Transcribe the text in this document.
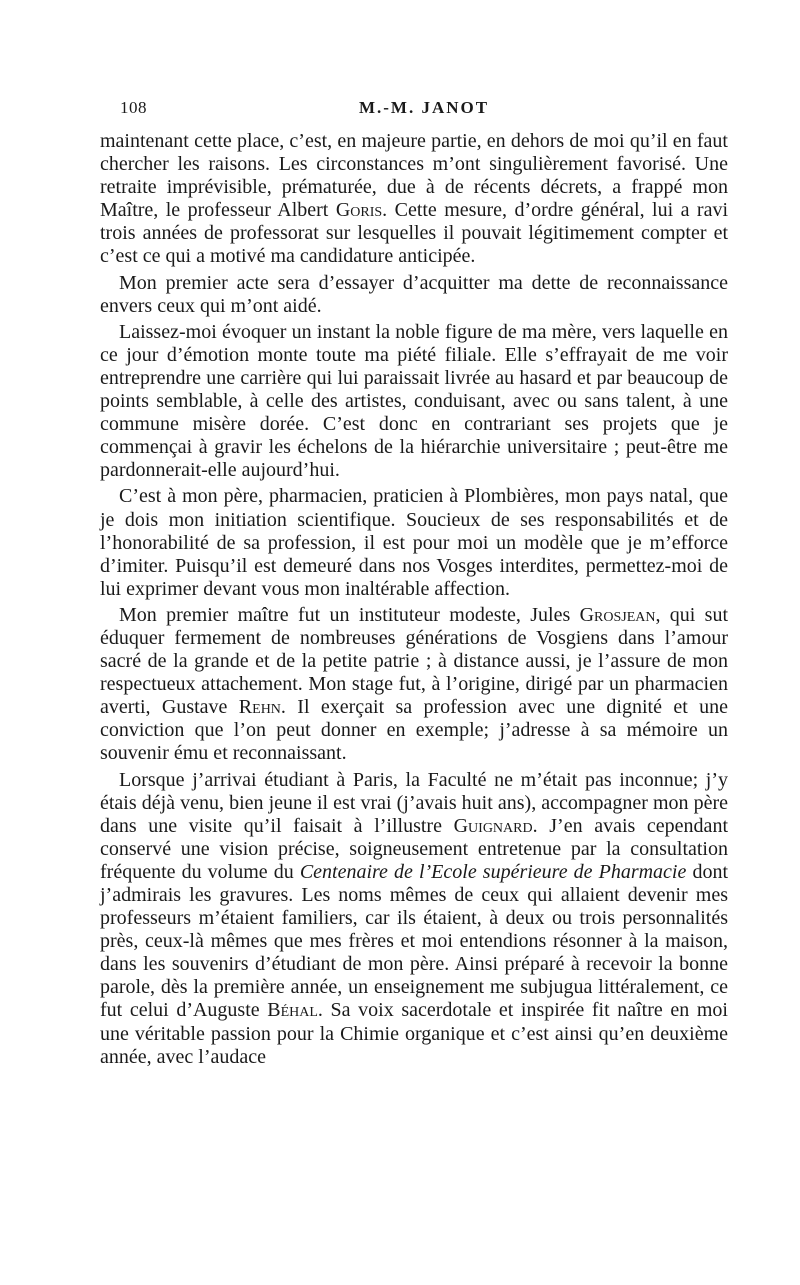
108	M.-M. JANOT

maintenant cette place, c’est, en majeure partie, en dehors de moi qu’il en faut chercher les raisons. Les circonstances m’ont singulièrement favorisé. Une retraite imprévisible, prématurée, due à de récents décrets, a frappé mon Maître, le professeur Albert Goris. Cette mesure, d’ordre général, lui a ravi trois années de professorat sur lesquelles il pouvait légitimement compter et c’est ce qui a motivé ma candidature anticipée.

Mon premier acte sera d’essayer d’acquitter ma dette de reconnaissance envers ceux qui m’ont aidé.

Laissez-moi évoquer un instant la noble figure de ma mère, vers laquelle en ce jour d’émotion monte toute ma piété filiale. Elle s’effrayait de me voir entreprendre une carrière qui lui paraissait livrée au hasard et par beaucoup de points semblable, à celle des artistes, conduisant, avec ou sans talent, à une commune misère dorée. C’est donc en contrariant ses projets que je commençai à gravir les échelons de la hiérarchie universitaire ; peut-être me pardonnerait-elle aujourd’hui.

C’est à mon père, pharmacien, praticien à Plombières, mon pays natal, que je dois mon initiation scientifique. Soucieux de ses responsabilités et de l’honorabilité de sa profession, il est pour moi un modèle que je m’efforce d’imiter. Puisqu’il est demeuré dans nos Vosges interdites, permettez-moi de lui exprimer devant vous mon inaltérable affection.

Mon premier maître fut un instituteur modeste, Jules Grosjean, qui sut éduquer fermement de nombreuses générations de Vosgiens dans l’amour sacré de la grande et de la petite patrie ; à distance aussi, je l’assure de mon respectueux attachement. Mon stage fut, à l’origine, dirigé par un pharmacien averti, Gustave Rehn. Il exerçait sa profession avec une dignité et une conviction que l’on peut donner en exemple; j’adresse à sa mémoire un souvenir ému et reconnaissant.

Lorsque j’arrivai étudiant à Paris, la Faculté ne m’était pas inconnue; j’y étais déjà venu, bien jeune il est vrai (j’avais huit ans), accompagner mon père dans une visite qu’il faisait à l’illustre Guignard. J’en avais cependant conservé une vision précise, soigneusement entretenue par la consultation fréquente du volume du Centenaire de l’Ecole supérieure de Pharmacie dont j’admirais les gravures. Les noms mêmes de ceux qui allaient devenir mes professeurs m’étaient familiers, car ils étaient, à deux ou trois personnalités près, ceux-là mêmes que mes frères et moi entendions résonner à la maison, dans les souvenirs d’étudiant de mon père. Ainsi préparé à recevoir la bonne parole, dès la première année, un enseignement me subjugua littéralement, ce fut celui d’Auguste Béhal. Sa voix sacerdotale et inspirée fit naître en moi une véritable passion pour la Chimie organique et c’est ainsi qu’en deuxième année, avec l’audace
